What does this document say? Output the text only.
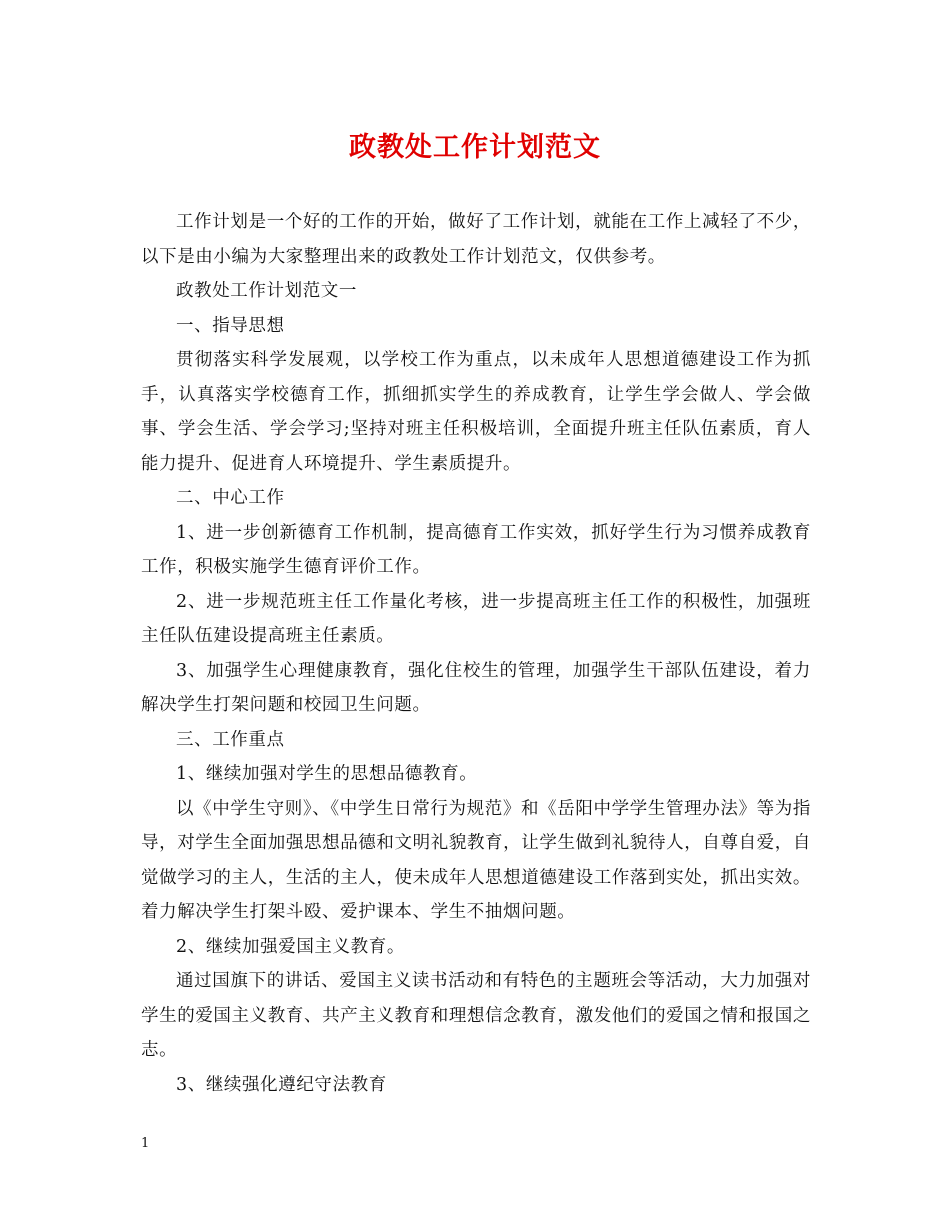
政教处工作计划范文

工作计划是一个好的工作的开始，做好了工作计划，就能在工作上减轻了不少，以下是由小编为大家整理出来的政教处工作计划范文，仅供参考。

政教处工作计划范文一

一、指导思想

贯彻落实科学发展观，以学校工作为重点，以未成年人思想道德建设工作为抓手，认真落实学校德育工作，抓细抓实学生的养成教育，让学生学会做人、学会做事、学会生活、学会学习;坚持对班主任积极培训，全面提升班主任队伍素质，育人能力提升、促进育人环境提升、学生素质提升。

二、中心工作

1、进一步创新德育工作机制，提高德育工作实效，抓好学生行为习惯养成教育工作，积极实施学生德育评价工作。

2、进一步规范班主任工作量化考核，进一步提高班主任工作的积极性，加强班主任队伍建设提高班主任素质。

3、加强学生心理健康教育，强化住校生的管理，加强学生干部队伍建设，着力解决学生打架问题和校园卫生问题。

三、工作重点

1、继续加强对学生的思想品德教育。

以《中学生守则》、《中学生日常行为规范》和《岳阳中学学生管理办法》等为指导，对学生全面加强思想品德和文明礼貌教育，让学生做到礼貌待人，自尊自爱，自觉做学习的主人，生活的主人，使未成年人思想道德建设工作落到实处，抓出实效。着力解决学生打架斗殴、爱护课本、学生不抽烟问题。

2、继续加强爱国主义教育。

通过国旗下的讲话、爱国主义读书活动和有特色的主题班会等活动，大力加强对学生的爱国主义教育、共产主义教育和理想信念教育，激发他们的爱国之情和报国之志。

3、继续强化遵纪守法教育

1
